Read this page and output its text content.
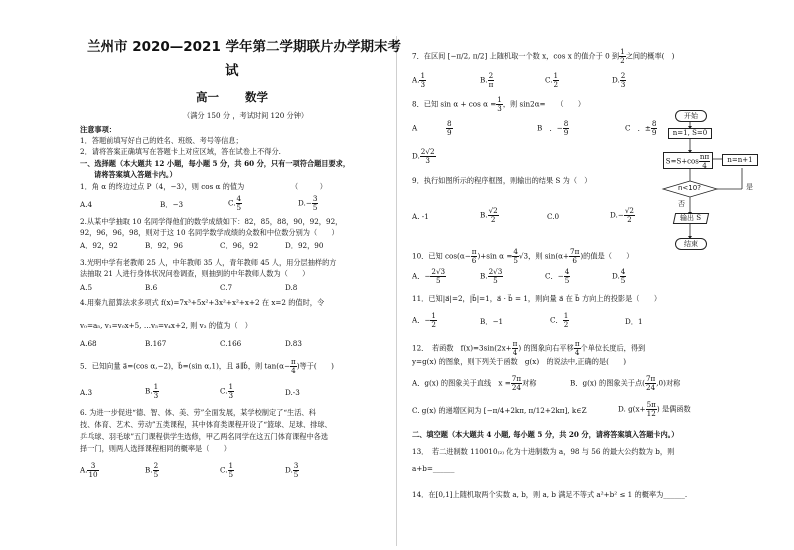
兰州市 2020—2021 学年第二学期联片办学期末考
试
高一 数学
（满分 150 分 ，考试时间 120 分钟）
注意事项：
1．答题前填写好自己的姓名、班级、考号等信息；
2．请将答案正确填写在答题卡上对应区域，答在试卷上不得分.
一、选择题（本大题共 12 小题，每小题 5 分，共 60 分，只有一项符合题目要求，
请将答案填入答题卡内。）
1．角 α 的终边过点 P（4，−3），则 cos α 的值为　　　　　　　（　　　）
A.4	B．−3	C. $\frac{4}{5}$	$D.- \frac{3}{5}$
2.从某中学抽取 10 名同学得他们的数学成绩如下：82，85，88，90，92，92，
92，96，96，98，则对于这 10 名同学数学成绩的众数和中位数分别为（　　）
A．92，92	B．92，96	C．96，92	D．92，90
3.光明中学有老教师 25 人，中年教师 35 人，青年教师 45 人，用分层抽样的方
法抽取 21 人进行身体状况问卷调查，则抽到的中年教师人数为（　　）
A.5	B.6	C.7	D.8
4.用秦九韶算法求多项式 f(x)=7x³+5x²+3x²+x²+x+2 在 x=2 的值时，令
v₀=a₅, v₁=v₀x+5, …v₅=v₄x+2, 则 v₃ 的值为（　）
A.68	B.167	C.166	D.83
5．已知向量 a⃗=(cos α,−2)，b⃗=(sin α,1)，且 a⃗∥b⃗，则 $\tan(\alpha- \frac{\pi}{4}$ )等于(　　)
A.3	B. $\frac{1}{3}$	C. $\frac{1}{3}$	D.-3
6. 为进一步促进“德、智、体、美、劳”全面发展，某学校制定了“生活、科
技、体育、艺术、劳动”五类课程，其中体育类课程开设了“篮球、足球、排球、
乒乓球、羽毛球”五门课程供学生选修，甲乙两名同学在这五门体育课程中各选
择一门，则两人选择课程相同的概率是（　　）
A. $\frac{3}{10}$	B. $\frac{2}{5}$	C. $\frac{1}{5}$	D. $\frac{3}{5}$
7．在区间 [−π/2, π/2] 上随机取一个数 x，cos x 的值介于 0 到 $\frac{1}{2}$ 之间的概率(　)
A. $\frac{1}{3}$	B. $\frac{2}{\pi}$	C. $\frac{1}{2}$	D. $\frac{2}{3}$
8．已知 $\sin \alpha + \cos \alpha = \frac{1}{3}$ ，则 sin2α=　　（　　）
A　　　　 $\frac{8}{9}$	B　．− $\frac{8}{9}$	C　．± $\frac{8}{9}$
D. $\frac{2√2}{3}$
9．执行如图所示的程序框图，则输出的结果 S 为（　）
A. -1	B. $\frac{√2}{2}$	C.0	$D.- \frac{√2}{2}$
10．已知 $\cos(\alpha- \frac{\pi}{6} )+\sin$ $\alpha = \frac{4}{5} √3$，则 $\sin(\alpha+ \frac{7\pi}{6}$ )的值是（　　）
A．− $\frac{2√3}{5}$	B. $\frac{2√3}{5}$	C．− $\frac{4}{5}$	D. $\frac{4}{5}$
11．已知|a⃗|=2，|b⃗|=1，a⃗ · b⃗ = 1，则向量 a⃗ 在 b⃗ 方向上的投影是（　　）
A．− $\frac{1}{2}$	B．−1	C． $\frac{1}{2}$	D．1
12．　若函数　$f(x)=3\sin(2x+ \frac{\pi}{4}$ ) 的图象向右平移 $\frac{\pi}{4}$ 个单位长度后，得到
y=g(x) 的图象，则下列关于函数　g(x)　的说法中,正确的是(　　)
A．g(x) 的图象关于直线　$x = \frac{7\pi}{24}$ 对称	B．g(x) 的图象关于点( $\frac{7\pi}{24} ,0$)对称
C. g(x) 的递增区间为 [−π/4+2kπ, π/12+2kπ], k∈Z	D. $g(x+ \frac{5\pi}{12}$ ) 是偶函数
二、填空题（本大题共 4 小题, 每小题 5 分，共 20 分，请将答案填入答题卡内。）
13．　若二进制数 110010₍₂₎ 化为十进制数为 a，98 与 56 的最大公约数为 b，则
a+b=______
14．在[0,1]上随机取两个实数 a, b，则 a, b 满足不等式 a²+b² ≤ 1 的概率为______.
开始
n=1, S=0
$S=S+\cos \frac{n\pi}{4}$	n=n+1
n<10?	是
否
输出 S
结束
